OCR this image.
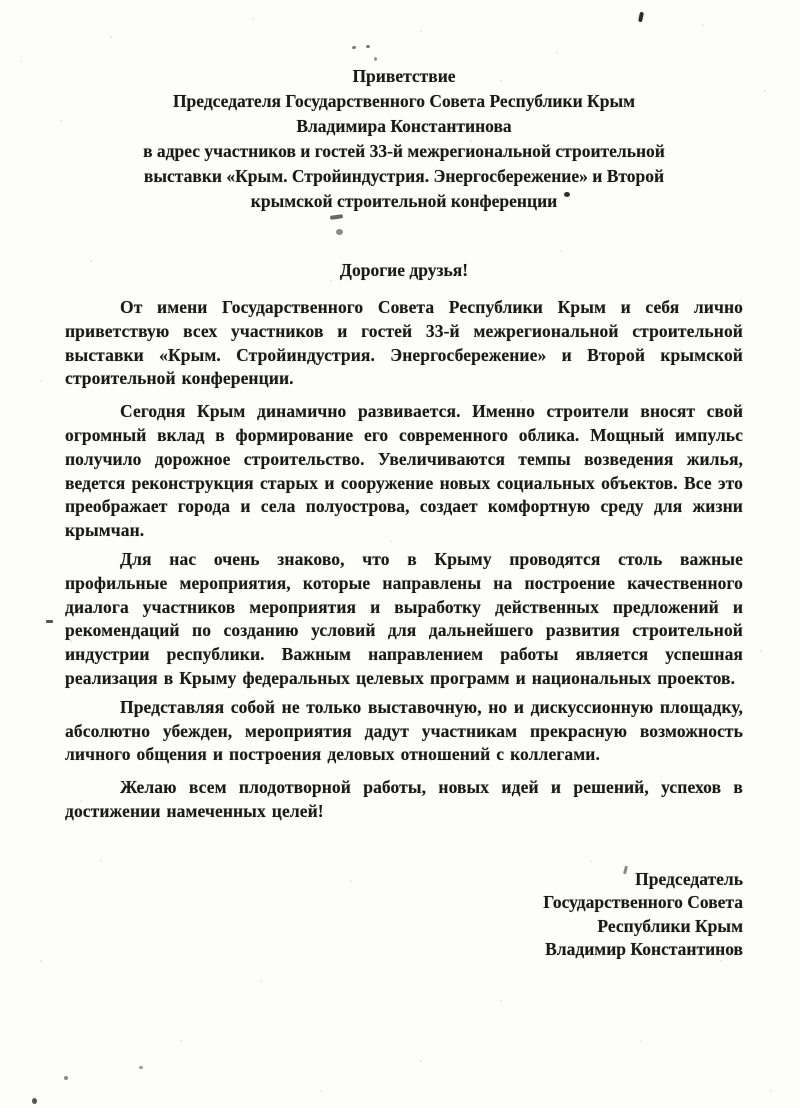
Приветствие
Председателя Государственного Совета Республики Крым
Владимира Константинова
в адрес участников и гостей 33-й межрегиональной строительной
выставки «Крым. Стройиндустрия. Энергосбережение» и Второй
крымской строительной конференции
Дорогие друзья!

От имени Государственного Совета Республики Крым и себя лично приветствую всех участников и гостей 33-й межрегиональной строительной выставки «Крым. Стройиндустрия. Энергосбережение» и Второй крымской строительной конференции.

Сегодня Крым динамично развивается. Именно строители вносят свой огромный вклад в формирование его современного облика. Мощный импульс получило дорожное строительство. Увеличиваются темпы возведения жилья, ведется реконструкция старых и сооружение новых социальных объектов. Все это преображает города и села полуострова, создает комфортную среду для жизни крымчан.

Для нас очень знаково, что в Крыму проводятся столь важные профильные мероприятия, которые направлены на построение качественного диалога участников мероприятия и выработку действенных предложений и рекомендаций по созданию условий для дальнейшего развития строительной индустрии республики. Важным направлением работы является успешная реализация в Крыму федеральных целевых программ и национальных проектов.

Представляя собой не только выставочную, но и дискуссионную площадку, абсолютно убежден, мероприятия дадут участникам прекрасную возможность личного общения и построения деловых отношений с коллегами.

Желаю всем плодотворной работы, новых идей и решений, успехов в достижении намеченных целей!

Председатель
Государственного Совета
Республики Крым
Владимир Константинов
